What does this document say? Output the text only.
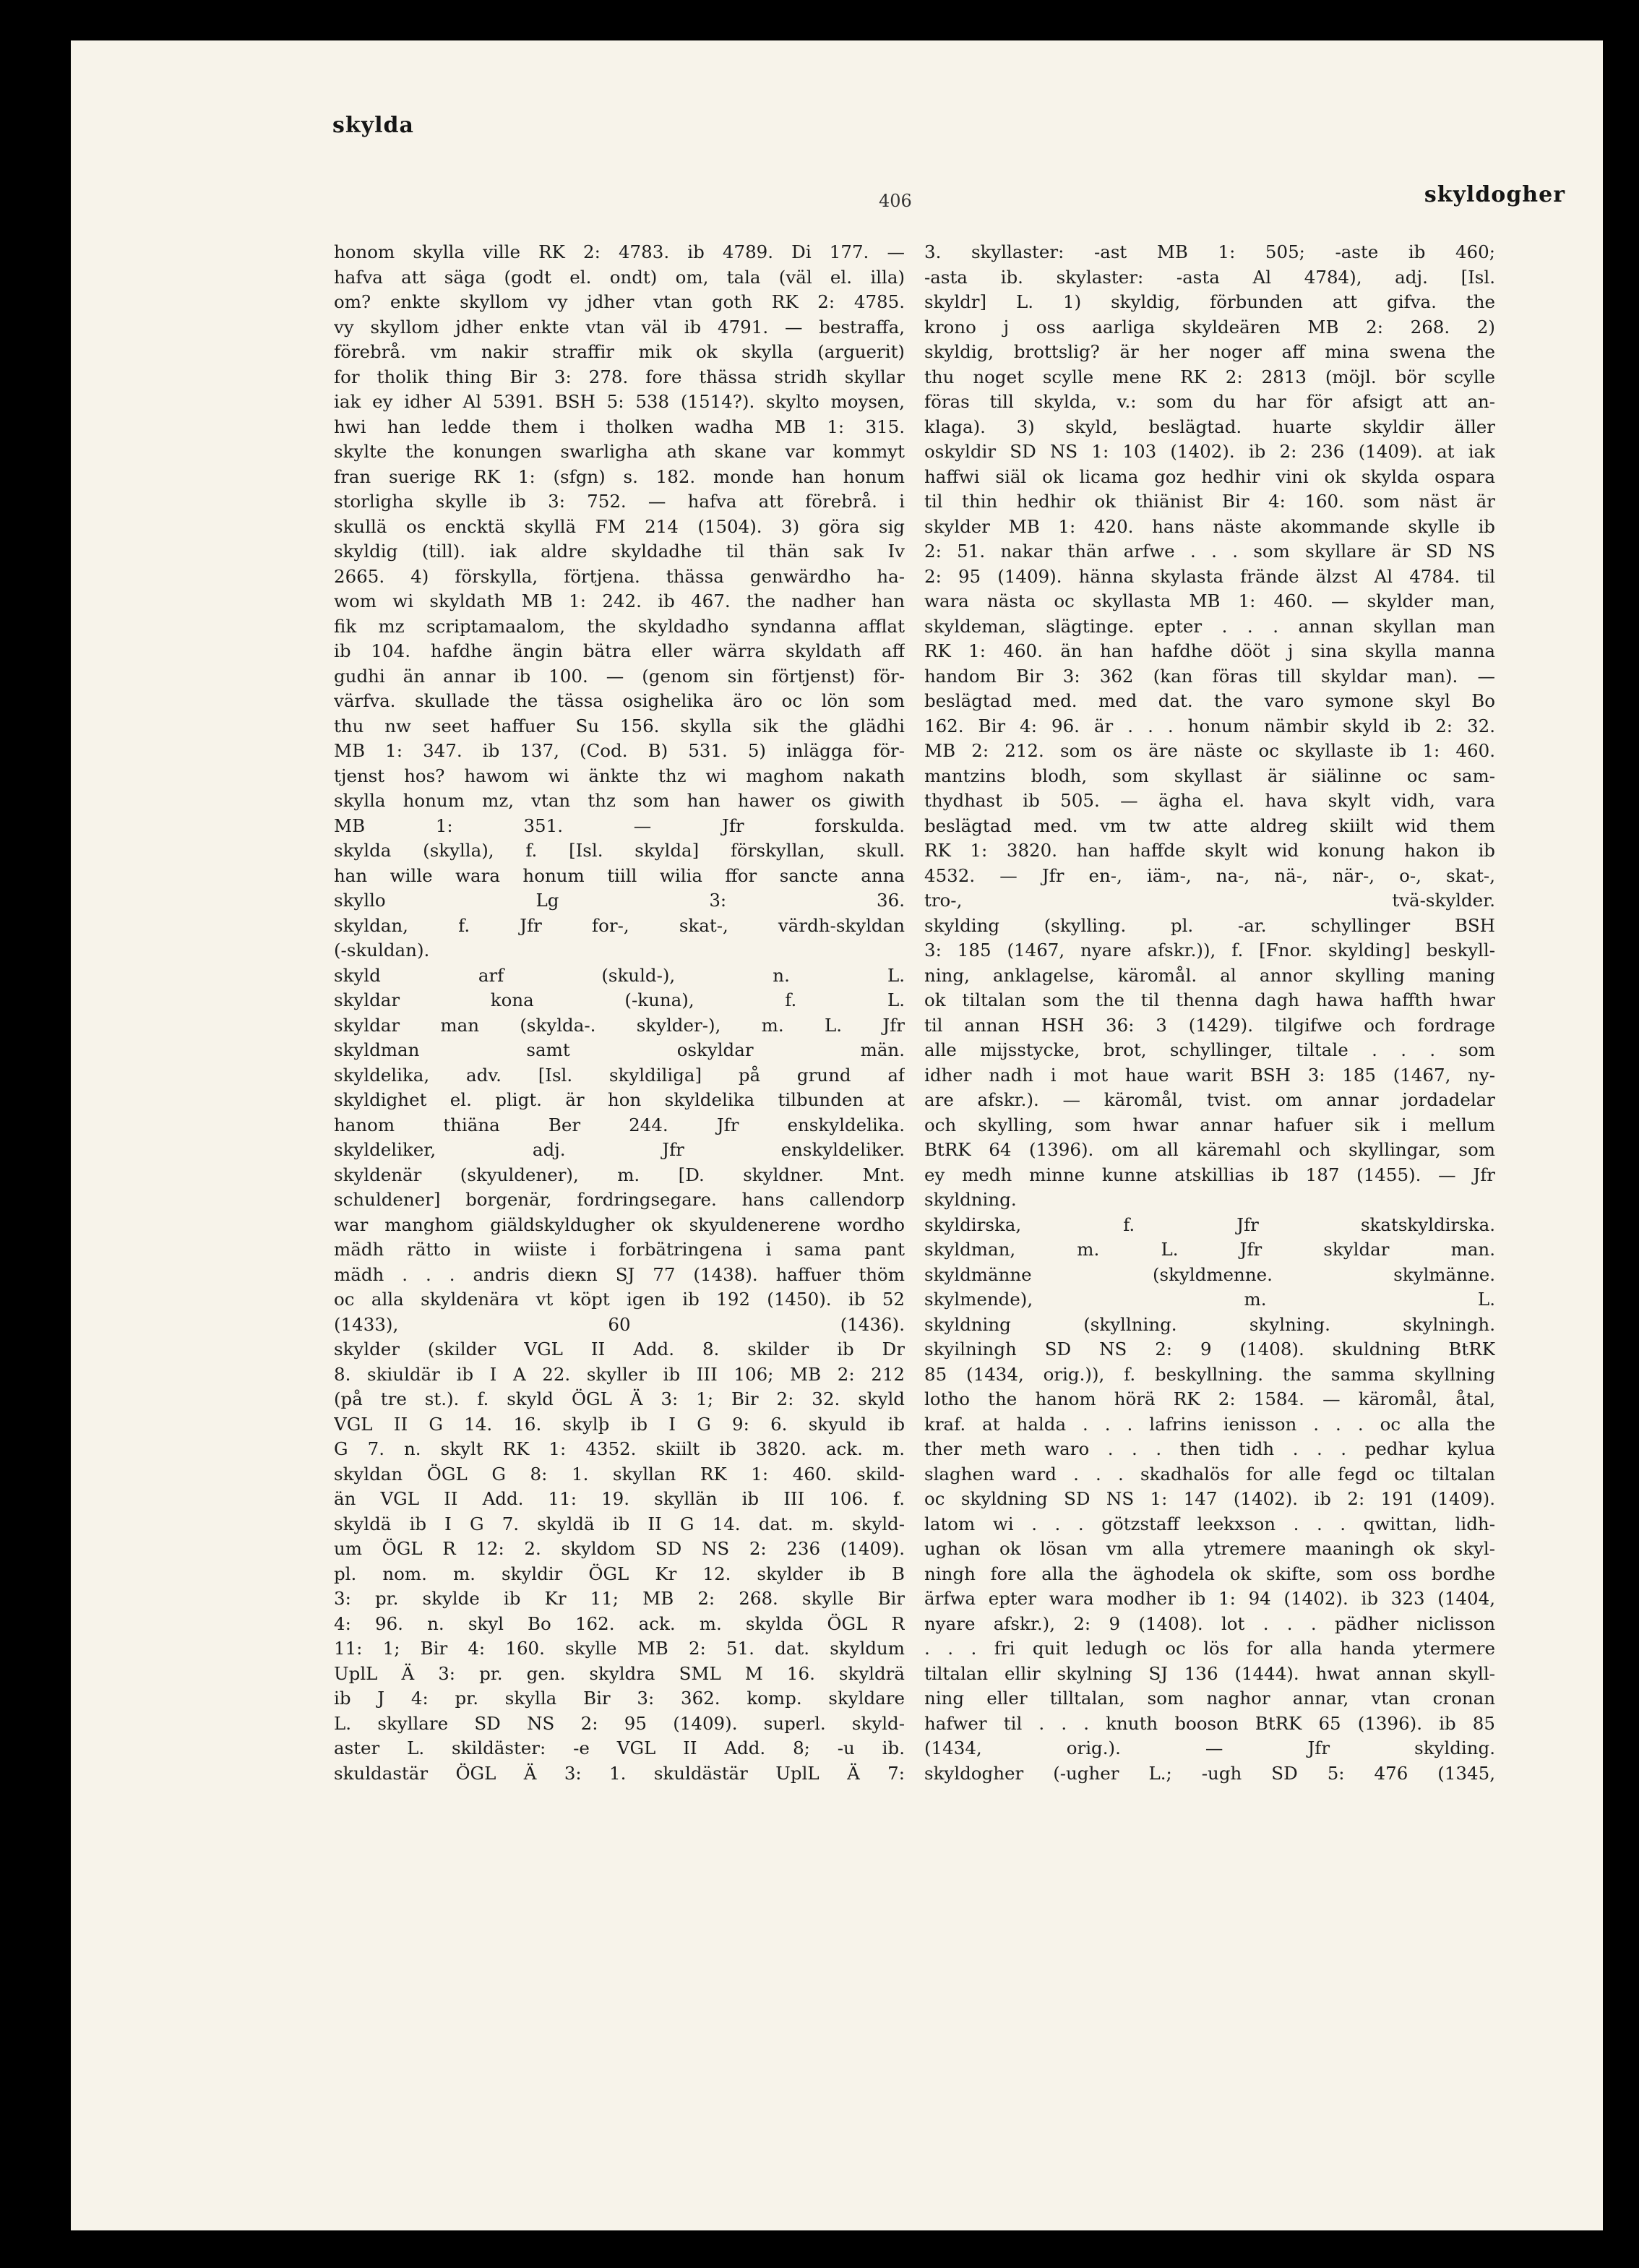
skylda
406	skyldogher
honom skylla ville RK 2: 4783. ib 4789. Di 177. —
hafva att säga (godt el. ondt) om, tala (väl el. illa)
om? enkte skyllom vy jdher vtan goth RK 2: 4785.
vy skyllom jdher enkte vtan väl ib 4791. — bestraffa,
förebrå. vm nakir straffir mik ok skylla (arguerit)
for tholik thing Bir 3: 278. fore thässa stridh skyllar
iak ey idher Al 5391. BSH 5: 538 (1514?). skylto moysen,
hwi han ledde them i tholken wadha MB 1: 315.
skylte the konungen swarligha ath skane var kommyt
fran suerige RK 1: (sfgn) s. 182. monde han honum
storligha skylle ib 3: 752. — hafva att förebrå. i
skullä os encktä skyllä FM 214 (1504). 3) göra sig
skyldig (till). iak aldre skyldadhe til thän sak Iv
2665. 4) förskylla, förtjena. thässa genwärdho ha-
wom wi skyldath MB 1: 242. ib 467. the nadher han
fik mz scriptamaalom, the skyldadho syndanna afflat
ib 104. hafdhe ängin bätra eller wärra skyldath aff
gudhi än annar ib 100. — (genom sin förtjenst) för-
värfva. skullade the tässa osighelika äro oc lön som
thu nw seet haffuer Su 156. skylla sik the glädhi
MB 1: 347. ib 137, (Cod. B) 531. 5) inlägga för-
tjenst hos? hawom wi änkte thz wi maghom nakath
skylla honum mz, vtan thz som han hawer os giwith
MB 1: 351. — Jfr forskulda.
skylda (skylla), f. [Isl. skylda] förskyllan, skull.
han wille wara honum tiill wilia ffor sancte anna
skyllo Lg 3: 36.
skyldan, f. Jfr for-, skat-, värdh-skyldan
(-skuldan).
skyld arf (skuld-), n. L.
skyldar kona (-kuna), f. L.
skyldar man (skylda-. skylder-), m. L. Jfr
skyldman samt oskyldar män.
skyldelika, adv. [Isl. skyldiliga] på grund af
skyldighet el. pligt. är hon skyldelika tilbunden at
hanom thiäna Ber 244. Jfr enskyldelika.
skyldeliker, adj. Jfr enskyldeliker.
skyldenär (skyuldener), m. [D. skyldner. Mnt.
schuldener] borgenär, fordringsegare. hans callendorp
war manghom giäldskyldugher ok skyuldenerene wordho
mädh rätto in wiiste i forbätringena i sama pant
mädh . . . andris dieкn SJ 77 (1438). haffuer thöm
oc alla skyldenära vt köpt igen ib 192 (1450). ib 52
(1433), 60 (1436).
skylder (skilder VGL II Add. 8. skilder ib Dr
8. skiuldär ib I A 22. skyller ib III 106; MB 2: 212
(på tre st.). f. skyld ÖGL Ä 3: 1; Bir 2: 32. skyld
VGL II G 14. 16. skylþ ib I G 9: 6. skyuld ib
G 7. n. skylt RK 1: 4352. skiilt ib 3820. ack. m.
skyldan ÖGL G 8: 1. skyllan RK 1: 460. skild-
än VGL II Add. 11: 19. skyllän ib III 106. f.
skyldä ib I G 7. skyldä ib II G 14. dat. m. skyld-
um ÖGL R 12: 2. skyldom SD NS 2: 236 (1409).
pl. nom. m. skyldir ÖGL Kr 12. skylder ib B
3: pr. skylde ib Kr 11; MB 2: 268. skylle Bir
4: 96. n. skyl Bo 162. ack. m. skylda ÖGL R
11: 1; Bir 4: 160. skylle MB 2: 51. dat. skyldum
UplL Ä 3: pr. gen. skyldra SML M 16. skyldrä
ib J 4: pr. skylla Bir 3: 362. komp. skyldare
L. skyllare SD NS 2: 95 (1409). superl. skyld-
aster L. skildäster: -e VGL II Add. 8; -u ib.
skuldastär ÖGL Ä 3: 1. skuldästär UplL Ä 7:
3. skyllaster: -ast MB 1: 505; -aste ib 460;
-asta ib. skylaster: -asta Al 4784), adj. [Isl.
skyldr] L. 1) skyldig, förbunden att gifva. the
krono j oss aarliga skyldeären MB 2: 268. 2)
skyldig, brottslig? är her noger aff mina swena the
thu noget scylle mene RK 2: 2813 (möjl. bör scylle
föras till skylda, v.: som du har för afsigt att an-
klaga). 3) skyld, beslägtad. huarte skyldir äller
oskyldir SD NS 1: 103 (1402). ib 2: 236 (1409). at iak
haffwi siäl ok licama goz hedhir vini ok skylda ospara
til thin hedhir ok thiänist Bir 4: 160. som näst är
skylder MB 1: 420. hans näste akommande skylle ib
2: 51. nakar thän arfwe . . . som skyllare är SD NS
2: 95 (1409). hänna skylasta frände älzst Al 4784. til
wara nästa oc skyllasta MB 1: 460. — skylder man,
skyldeman, slägtinge. epter . . . annan skyllan man
RK 1: 460. än han hafdhe dööt j sina skylla manna
handom Bir 3: 362 (kan föras till skyldar man). —
beslägtad med. med dat. the varo symone skyl Bo
162. Bir 4: 96. är . . . honum nämbir skyld ib 2: 32.
MB 2: 212. som os äre näste oc skyllaste ib 1: 460.
mantzins blodh, som skyllast är siälinne oc sam-
thydhast ib 505. — ägha el. hava skylt vidh, vara
beslägtad med. vm tw atte aldreg skiilt wid them
RK 1: 3820. han haffde skylt wid konung hakon ib
4532. — Jfr en-, iäm-, na-, nä-, när-, o-, skat-,
tro-, tvä-skylder.
skylding (skylling. pl. -ar. schyllinger BSH
3: 185 (1467, nyare afskr.)), f. [Fnor. skylding] beskyll-
ning, anklagelse, käromål. al annor skylling maning
ok tiltalan som the til thenna dagh hawa haffth hwar
til annan HSH 36: 3 (1429). tilgifwe och fordrage
alle mijsstycke, brot, schyllinger, tiltale . . . som
idher nadh i mot haue warit BSH 3: 185 (1467, ny-
are afskr.). — käromål, tvist. om annar jordadelar
och skylling, som hwar annar hafuer sik i mellum
BtRK 64 (1396). om all käremahl och skyllingar, som
ey medh minne kunne atskillias ib 187 (1455). — Jfr
skyldning.
skyldirska, f. Jfr skatskyldirska.
skyldman, m. L. Jfr skyldar man.
skyldmänne (skyldmenne. skylmänne.
skylmende), m. L.
skyldning (skyllning. skylning. skylningh.
skyilningh SD NS 2: 9 (1408). skuldning BtRK
85 (1434, orig.)), f. beskyllning. the samma skyllning
lotho the hanom hörä RK 2: 1584. — käromål, åtal,
kraf. at halda . . . lafrins ienisson . . . oc alla the
ther meth waro . . . then tidh . . . pedhar kylua
slaghen ward . . . skadhalös for alle fegd oc tiltalan
oc skyldning SD NS 1: 147 (1402). ib 2: 191 (1409).
latom wi . . . götzstaff leekxson . . . qwittan, lidh-
ughan ok lösan vm alla ytremere maaningh ok skyl-
ningh fore alla the äghodela ok skifte, som oss bordhe
ärfwa epter wara modher ib 1: 94 (1402). ib 323 (1404,
nyare afskr.), 2: 9 (1408). lot . . . pädher niclisson
. . . fri quit ledugh oc lös for alla handa ytermere
tiltalan ellir skylning SJ 136 (1444). hwat annan skyll-
ning eller tilltalan, som naghor annar, vtan cronan
hafwer til . . . knuth booson BtRK 65 (1396). ib 85
(1434, orig.). — Jfr skylding.
skyldogher (-ugher L.; -ugh SD 5: 476 (1345,
